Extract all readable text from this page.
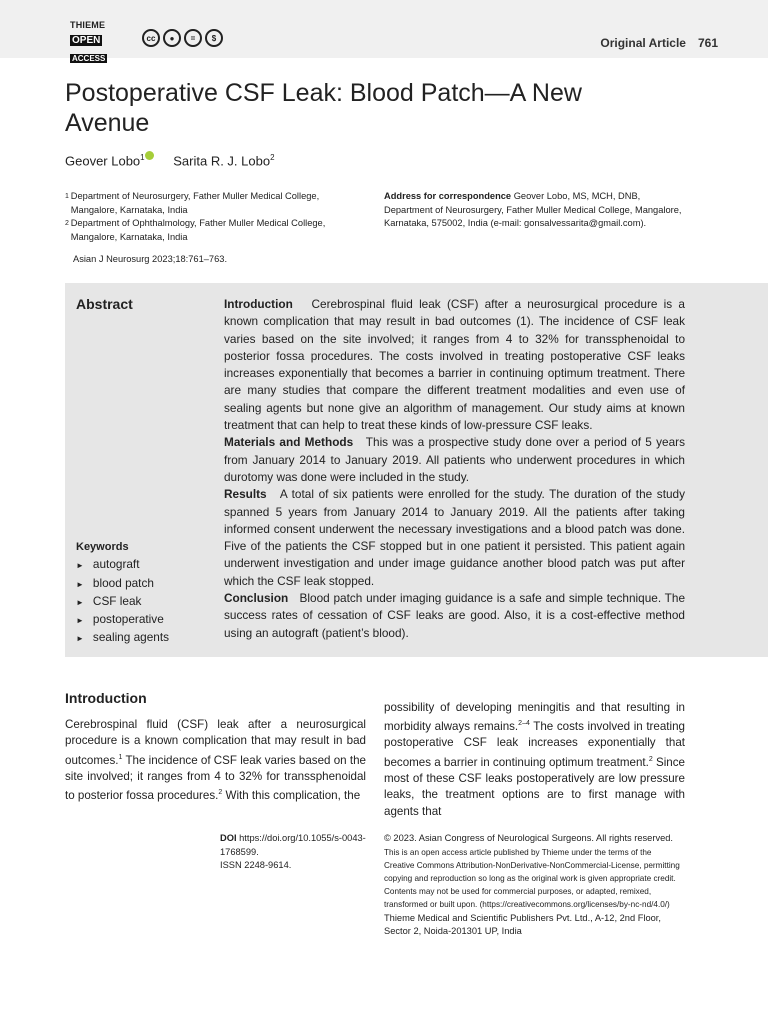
THIEME
OPEN ACCESS
cc	●	=	$	Original Article 761
Postoperative CSF Leak: Blood Patch—A New Avenue
Geover Lobo$^1$ Sarita R. J. Lobo$^2$
1 Department of Neurosurgery, Father Muller Medical College, Mangalore, Karnataka, India
2 Department of Ophthalmology, Father Muller Medical College, Mangalore, Karnataka, India
Address for correspondence Geover Lobo, MS, MCH, DNB, Department of Neurosurgery, Father Muller Medical College, Mangalore, Karnataka, 575002, India (e-mail: gonsalvessarita@gmail.com).
Asian J Neurosurg 2023;18:761–763.
Abstract	Introduction Cerebrospinal fluid leak (CSF) after a neurosurgical procedure is a known complication that may result in bad outcomes (1). The incidence of CSF leak varies based on the site involved; it ranges from 4 to 32% for transsphenoidal to posterior fossa procedures. The costs involved in treating postoperative CSF leaks increases exponentially that becomes a barrier in continuing optimum treatment. There are many studies that compare the different treatment modalities and even use of sealing agents but none give an algorithm of management. Our study aims at known treatment that can help to treat these kinds of low-pressure CSF leaks.

Materials and Methods This was a prospective study done over a period of 5 years from January 2014 to January 2019. All patients who underwent procedures in which durotomy was done were included in the study.

Results A total of six patients were enrolled for the study. The duration of the study spanned 5 years from January 2014 to January 2019. All the patients after taking informed consent underwent the necessary investigations and a blood patch was done. Five of the patients the CSF stopped but in one patient it persisted. This patient again underwent investigation and under image guidance another blood patch was put after which the CSF leak stopped.

Conclusion Blood patch under imaging guidance is a safe and simple technique. The success rates of cessation of CSF leaks are good. Also, it is a cost-effective method using an autograft (patient’s blood).

Keywords
► autograft
► blood patch
► CSF leak
► postoperative
► sealing agents
Introduction
Cerebrospinal fluid (CSF) leak after a neurosurgical procedure is a known complication that may result in bad outcomes.$^1$ The incidence of CSF leak varies based on the site involved; it ranges from 4 to 32% for transsphenoidal to posterior fossa procedures.$^2$ With this complication, the
possibility of developing meningitis and that resulting in morbidity always remains.$^{2-4}$ The costs involved in treating postoperative CSF leak increases exponentially that becomes a barrier in continuing optimum treatment.$^2$ Since most of these CSF leaks postoperatively are low pressure leaks, the treatment options are to first manage with agents that
DOI https://doi.org/10.1055/s-0043-1768599.
ISSN 2248-9614.
© 2023. Asian Congress of Neurological Surgeons. All rights reserved.
This is an open access article published by Thieme under the terms of the Creative Commons Attribution-NonDerivative-NonCommercial-License, permitting copying and reproduction so long as the original work is given appropriate credit. Contents may not be used for commercial purposes, or adapted, remixed, transformed or built upon. (https://creativecommons.org/licenses/by-nc-nd/4.0/)
Thieme Medical and Scientific Publishers Pvt. Ltd., A-12, 2nd Floor, Sector 2, Noida-201301 UP, India
